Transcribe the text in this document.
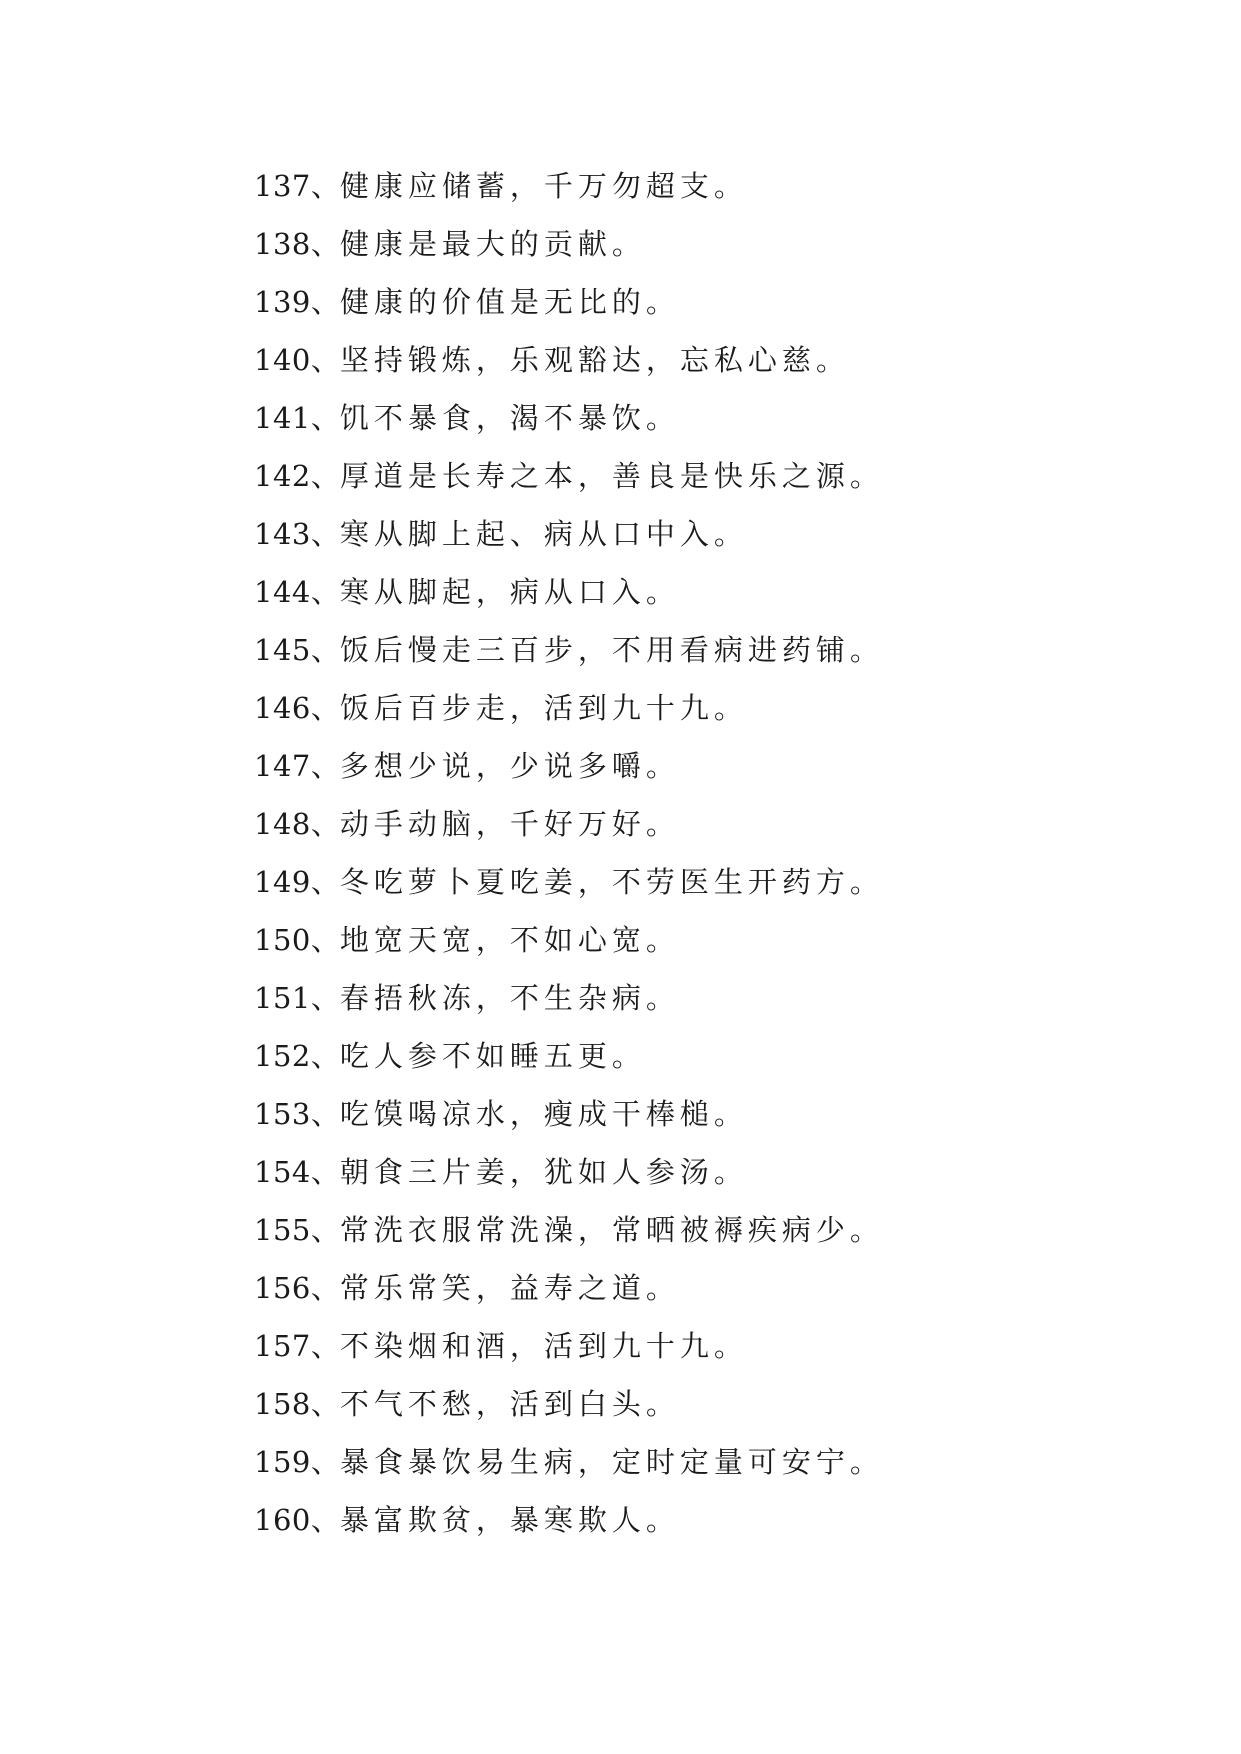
137 、 健康应储蓄，千万勿超支。
138 、 健康是最大的贡献。
139 、 健康的价值是无比的。
140 、 坚持锻炼，乐观豁达，忘私心慈。
141 、 饥不暴食，渴不暴饮。
142 、 厚道是长寿之本，善良是快乐之源。
143 、 寒从脚上起、病从口中入。
144 、 寒从脚起，病从口入。
145 、 饭后慢走三百步，不用看病进药铺。
146 、 饭后百步走，活到九十九。
147 、 多想少说，少说多嚼。
148 、 动手动脑，千好万好。
149 、 冬吃萝卜夏吃姜，不劳医生开药方。
150 、 地宽天宽，不如心宽。
151 、 春捂秋冻，不生杂病。
152 、 吃人参不如睡五更。
153 、 吃馍喝凉水，瘦成干棒槌。
154 、 朝食三片姜，犹如人参汤。
155 、 常洗衣服常洗澡，常晒被褥疾病少。
156 、 常乐常笑，益寿之道。
157 、 不染烟和酒，活到九十九。
158 、 不气不愁，活到白头。
159 、 暴食暴饮易生病，定时定量可安宁。
160 、 暴富欺贫，暴寒欺人。
